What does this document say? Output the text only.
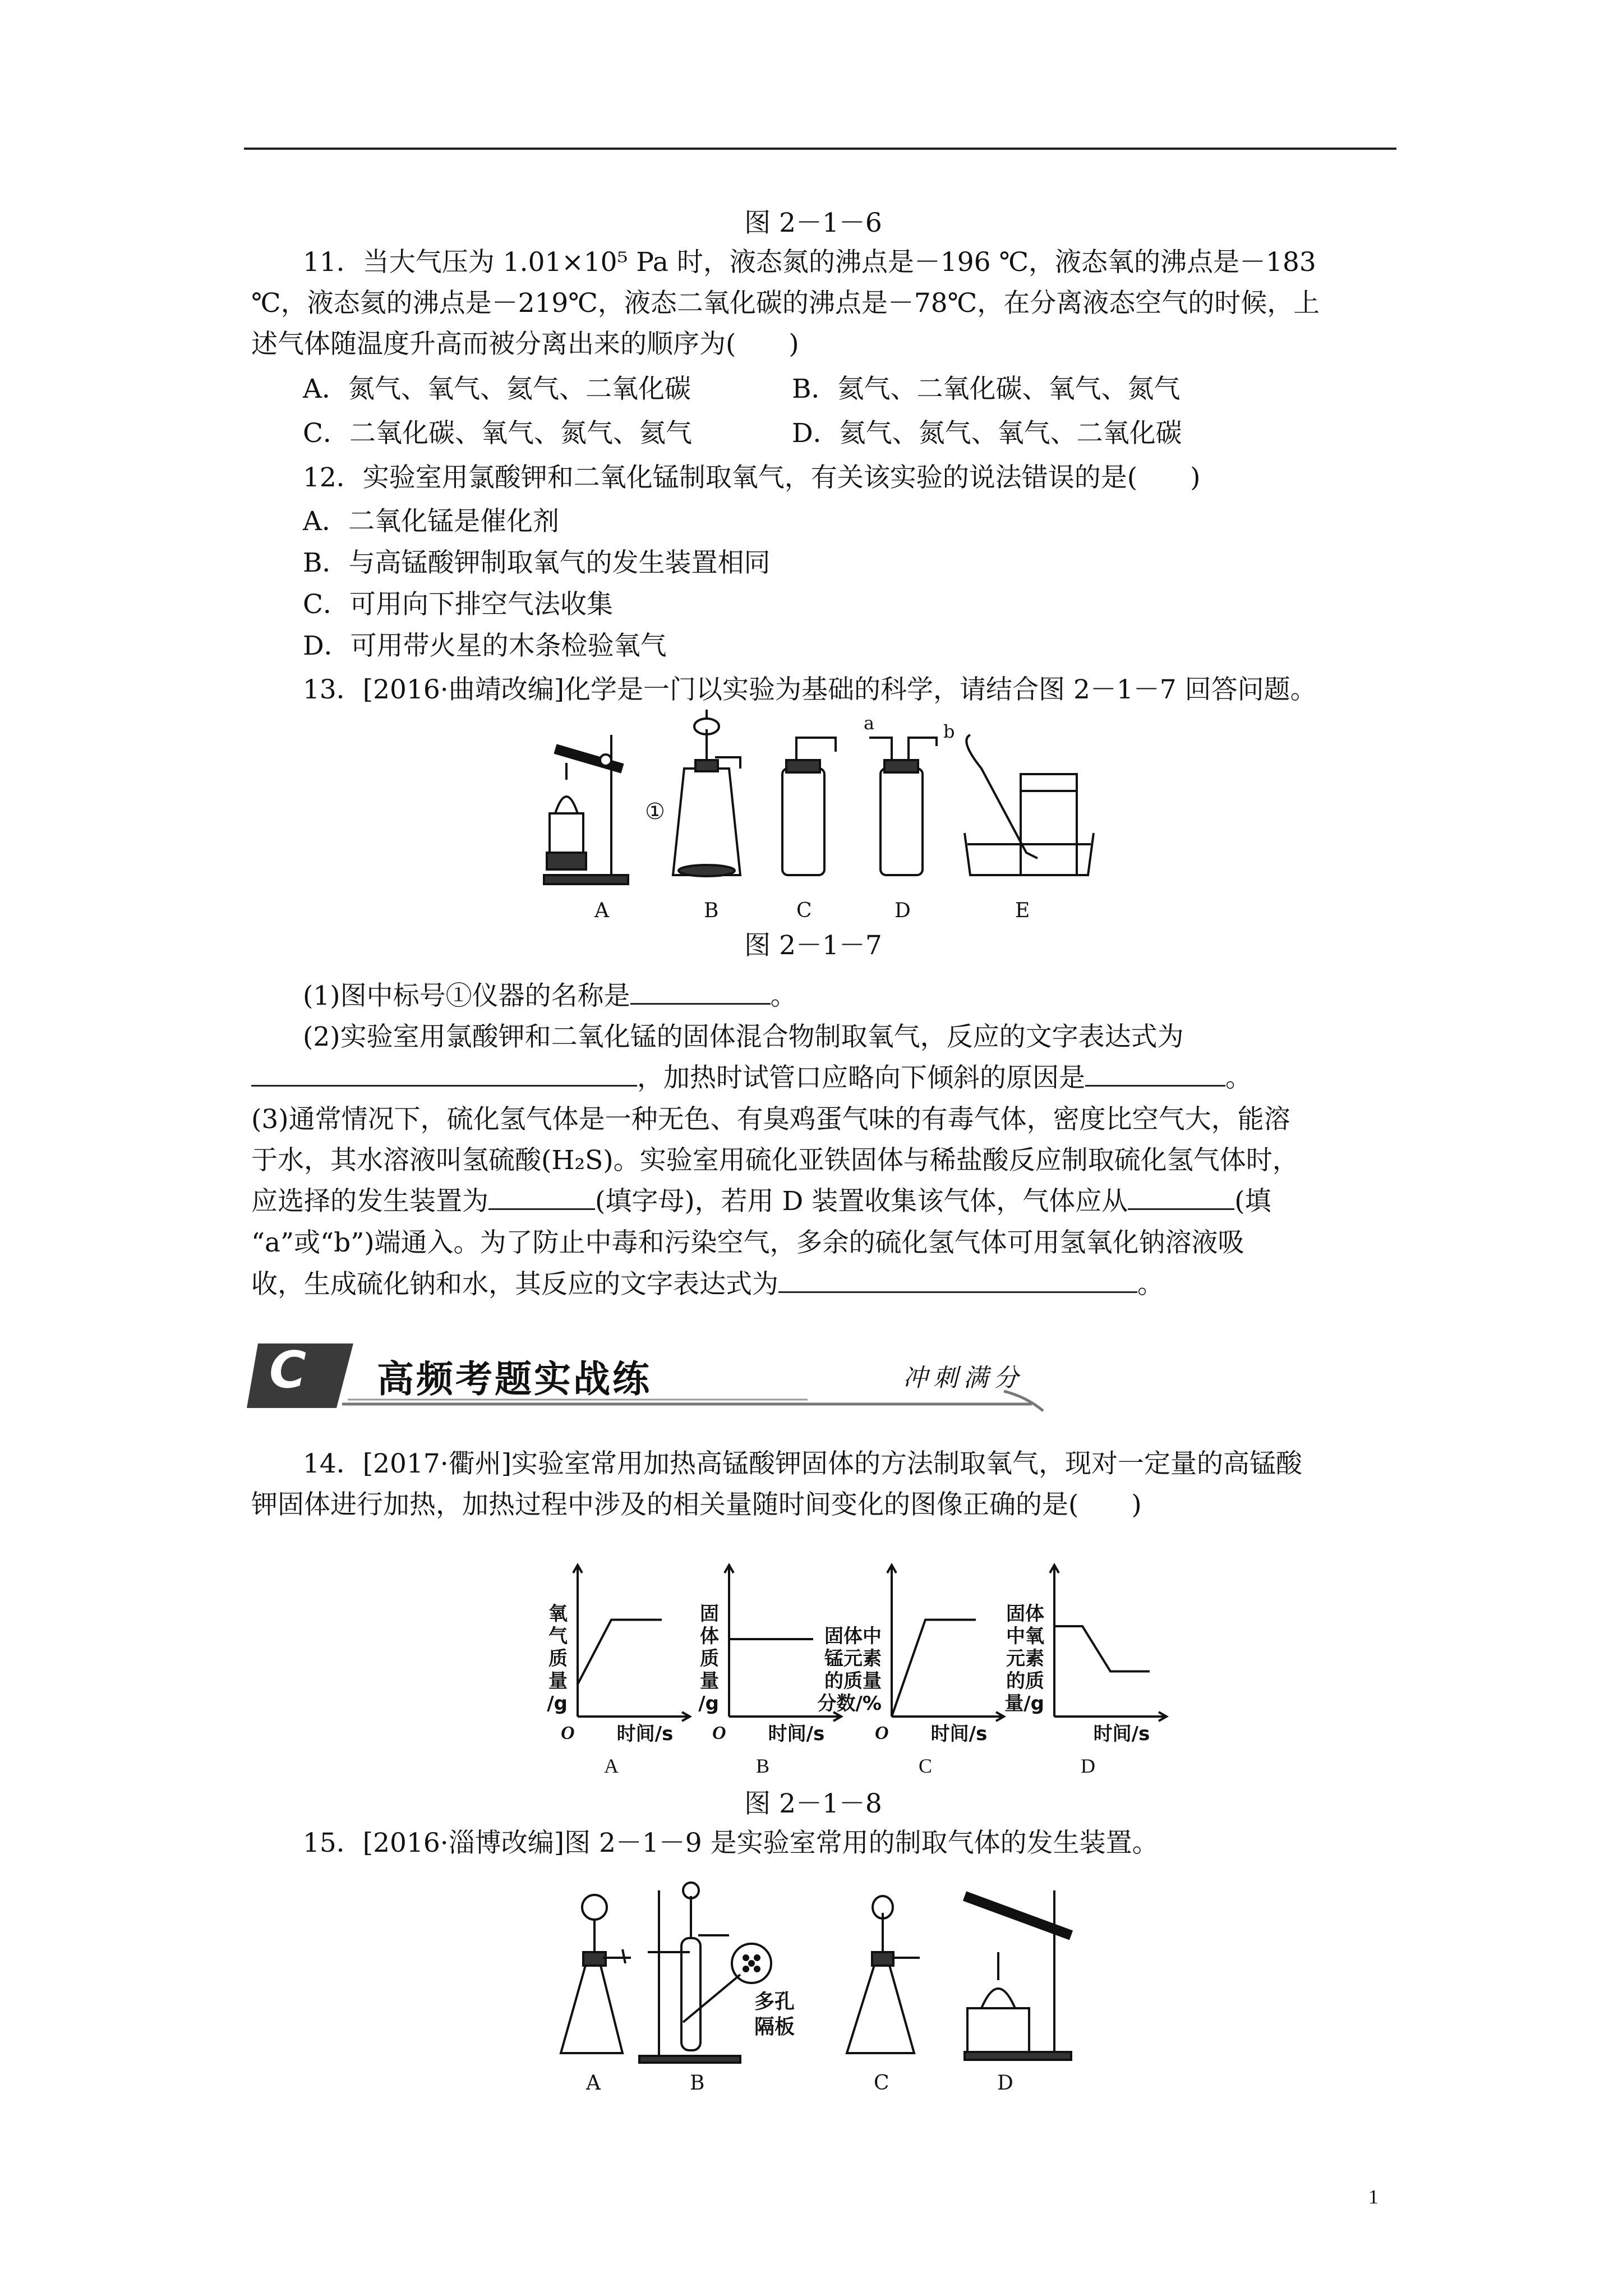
图 2－1－6
11．当大气压为 1.01×10⁵ Pa 时，液态氮的沸点是－196 ℃，液态氧的沸点是－183
℃，液态氦的沸点是－219℃，液态二氧化碳的沸点是－78℃，在分离液态空气的时候，上
述气体随温度升高而被分离出来的顺序为(　　)
A．氮气、氧气、氦气、二氧化碳	B．氦气、二氧化碳、氧气、氮气
C．二氧化碳、氧气、氮气、氦气	D．氦气、氮气、氧气、二氧化碳
12．实验室用氯酸钾和二氧化锰制取氧气，有关该实验的说法错误的是(　　)
A．二氧化锰是催化剂
B．与高锰酸钾制取氧气的发生装置相同
C．可用向下排空气法收集
D．可用带火星的木条检验氧气
13．[2016·曲靖改编]化学是一门以实验为基础的科学，请结合图 2－1－7 回答问题。
①
a	b
A	B	C	D	E
图 2－1－7
(1)图中标号①仪器的名称是	。
(2)实验室用氯酸钾和二氧化锰的固体混合物制取氧气，反应的文字表达式为
，加热时试管口应略向下倾斜的原因是	。
(3)通常情况下，硫化氢气体是一种无色、有臭鸡蛋气味的有毒气体，密度比空气大，能溶
于水，其水溶液叫氢硫酸(H₂S)。实验室用硫化亚铁固体与稀盐酸反应制取硫化氢气体时，
应选择的发生装置为	(填字母)，若用 D 装置收集该气体，气体应从	(填
“a”或“b”)端通入。为了防止中毒和污染空气，多余的硫化氢气体可用氢氧化钠溶液吸
收，生成硫化钠和水，其反应的文字表达式为	。
C 高频考题实战练	冲刺满分
14．[2017·衢州]实验室常用加热高锰酸钾固体的方法制取氧气，现对一定量的高锰酸
钾固体进行加热，加热过程中涉及的相关量随时间变化的图像正确的是(　　)
氧
气
质
量
/g
O 时间/s
A
固
体
质
量
/g
O 时间/s
B
固体中
锰元素
的质量
分数/%
O 时间/s
C
固体
中氧
元素
的质
量/g
时间/s
D
图 2－1－8
15．[2016·淄博改编]图 2－1－9 是实验室常用的制取气体的发生装置。
多孔
隔板
A	B	C	D
1
